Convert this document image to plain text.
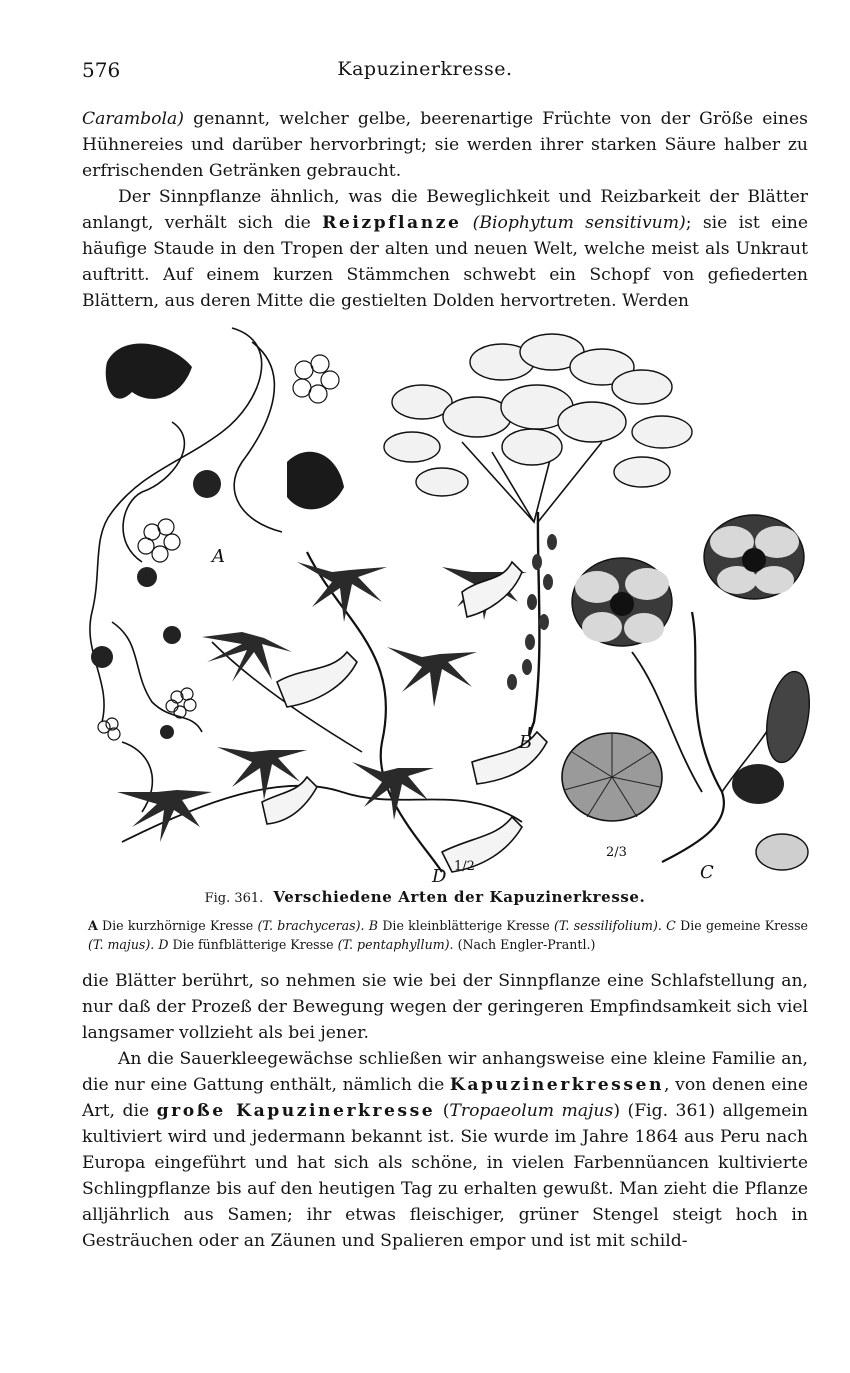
576	Kapuzinerkresse.

Carambola) genannt, welcher gelbe, beerenartige Früchte von der Größe eines Hühnereies und darüber hervorbringt; sie werden ihrer starken Säure halber zu erfrischenden Getränken gebraucht.

Der Sinnpflanze ähnlich, was die Beweglichkeit und Reizbarkeit der Blätter anlangt, verhält sich die Reizpflanze (Biophytum sensitivum); sie ist eine häufige Staude in den Tropen der alten und neuen Welt, welche meist als Unkraut auftritt. Auf einem kurzen Stämmchen schwebt ein Schopf von gefiederten Blättern, aus deren Mitte die gestielten Dolden hervortreten. Werden

A
B
C
D 1/2
2/3
Fig. 361. Verschiedene Arten der Kapuzinerkresse.
A Die kurzhörnige Kresse (T. brachyceras). B Die kleinblätterige Kresse (T. sessilifolium). C Die gemeine Kresse (T. majus). D Die fünfblätterige Kresse (T. pentaphyllum). (Nach Engler-Prantl.)

die Blätter berührt, so nehmen sie wie bei der Sinnpflanze eine Schlafstellung an, nur daß der Prozeß der Bewegung wegen der geringeren Empfindsamkeit sich viel langsamer vollzieht als bei jener.

An die Sauerkleegewächse schließen wir anhangsweise eine kleine Familie an, die nur eine Gattung enthält, nämlich die Kapuzinerkressen, von denen eine Art, die große Kapuzinerkresse (Tropaeolum majus) (Fig. 361) allgemein kultiviert wird und jedermann bekannt ist. Sie wurde im Jahre 1864 aus Peru nach Europa eingeführt und hat sich als schöne, in vielen Farbennüancen kultivierte Schlingpflanze bis auf den heutigen Tag zu erhalten gewußt. Man zieht die Pflanze alljährlich aus Samen; ihr etwas fleischiger, grüner Stengel steigt hoch in Gesträuchen oder an Zäunen und Spalieren empor und ist mit schild-
